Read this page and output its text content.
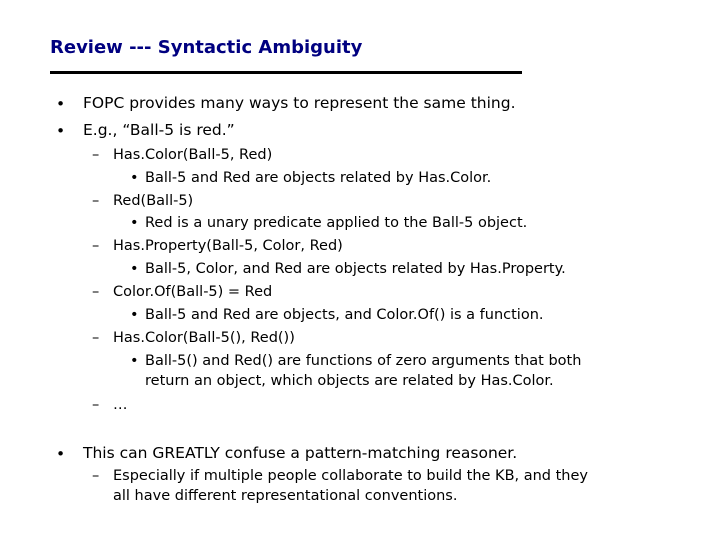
Review --- Syntactic Ambiguity
• FOPC provides many ways to represent the same thing.
• E.g., “Ball-5 is red.”
– Has.Color(Ball-5, Red)
• Ball-5 and Red are objects related by Has.Color.
– Red(Ball-5)
• Red is a unary predicate applied to the Ball-5 object.
– Has.Property(Ball-5, Color, Red)
• Ball-5, Color, and Red are objects related by Has.Property.
– Color.Of(Ball-5) = Red
• Ball-5 and Red are objects, and Color.Of() is a function.
– Has.Color(Ball-5(), Red())
• Ball-5() and Red() are functions of zero arguments that both
return an object, which objects are related by Has.Color.
– …
• This can GREATLY confuse a pattern-matching reasoner.
– Especially if multiple people collaborate to build the KB, and they
all have different representational conventions.
